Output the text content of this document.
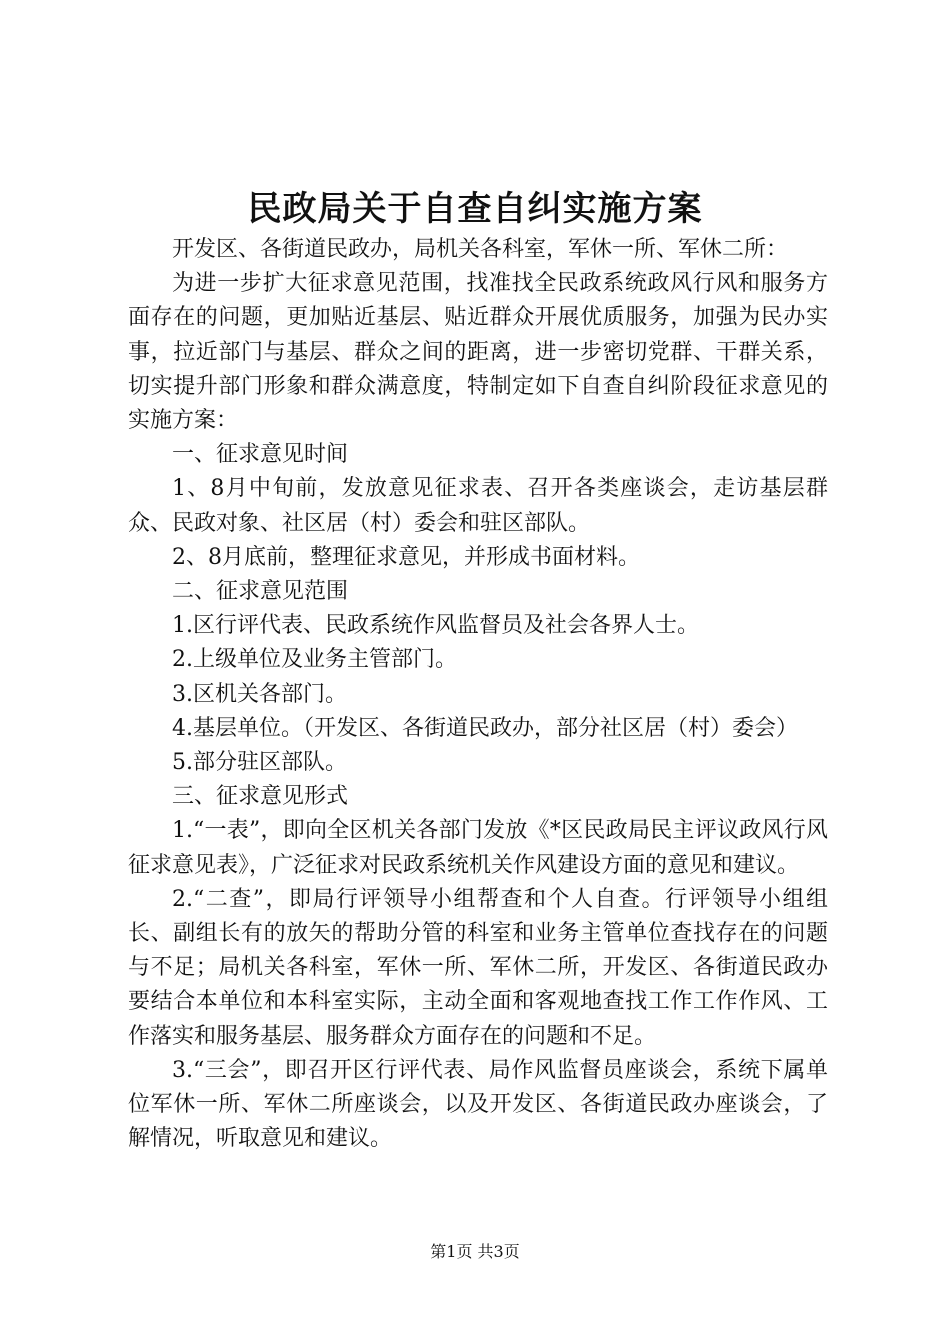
民政局关于自查自纠实施方案

开发区、各街道民政办，局机关各科室，军休一所、军休二所：

为进一步扩大征求意见范围，找准找全民政系统政风行风和服务方面存在的问题，更加贴近基层、贴近群众开展优质服务，加强为民办实事，拉近部门与基层、群众之间的距离，进一步密切党群、干群关系，切实提升部门形象和群众满意度，特制定如下自查自纠阶段征求意见的实施方案：

一、征求意见时间

1、8月中旬前，发放意见征求表、召开各类座谈会，走访基层群众、民政对象、社区居（村）委会和驻区部队。

2、8月底前，整理征求意见，并形成书面材料。

二、征求意见范围

1.区行评代表、民政系统作风监督员及社会各界人士。

2.上级单位及业务主管部门。

3.区机关各部门。

4.基层单位。（开发区、各街道民政办，部分社区居（村）委会）

5.部分驻区部队。

三、征求意见形式

1.“一表”，即向全区机关各部门发放《*区民政局民主评议政风行风征求意见表》，广泛征求对民政系统机关作风建设方面的意见和建议。

2.“二查”，即局行评领导小组帮查和个人自查。行评领导小组组长、副组长有的放矢的帮助分管的科室和业务主管单位查找存在的问题与不足；局机关各科室，军休一所、军休二所，开发区、各街道民政办要结合本单位和本科室实际，主动全面和客观地查找工作工作作风、工作落实和服务基层、服务群众方面存在的问题和不足。

3.“三会”，即召开区行评代表、局作风监督员座谈会，系统下属单位军休一所、军休二所座谈会，以及开发区、各街道民政办座谈会，了解情况，听取意见和建议。

第1页 共3页
